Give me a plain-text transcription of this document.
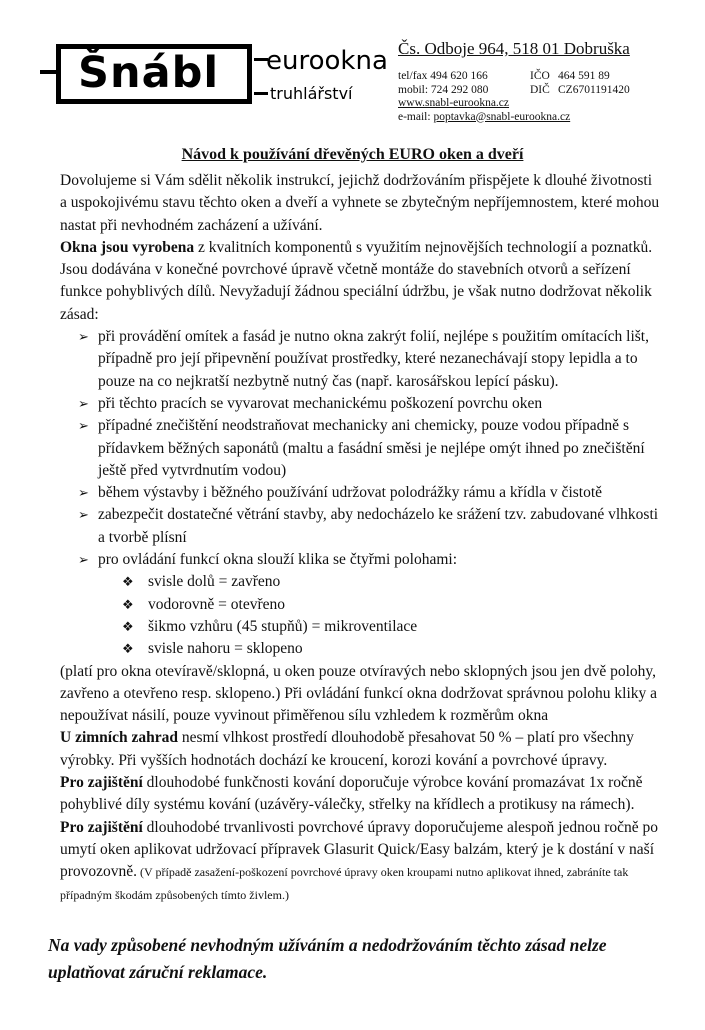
Šnábl eurookna
truhlářství
Čs. Odboje 964, 518 01 Dobruška
tel/fax 494 620 166	IČO 464 591 89
mobil: 724 292 080	DIČ CZ6701191420
www.snabl-eurookna.cz
e-mail: poptavka@snabl-eurookna.cz
Návod k používání dřevěných EURO oken a dveří

Dovolujeme si Vám sdělit několik instrukcí, jejichž dodržováním přispějete k dlouhé životnosti a uspokojivému stavu těchto oken a dveří a vyhnete se zbytečným nepříjemnostem, které mohou nastat při nevhodném zacházení a užívání.

Okna jsou vyrobena z kvalitních komponentů s využitím nejnovějších technologií a poznatků. Jsou dodávána v konečné povrchové úpravě včetně montáže do stavebních otvorů a seřízení funkce pohyblivých dílů. Nevyžadují žádnou speciální údržbu, je však nutno dodržovat několik zásad:

➢ při provádění omítek a fasád je nutno okna zakrýt folií, nejlépe s použitím omítacích lišt, případně pro její připevnění používat prostředky, které nezanechávají stopy lepidla a to pouze na co nejkratší nezbytně nutný čas (např. karosářskou lepící pásku).
➢ při těchto pracích se vyvarovat mechanickému poškození povrchu oken
➢ případné znečištění neodstraňovat mechanicky ani chemicky, pouze vodou případně s přídavkem běžných saponátů (maltu a fasádní směsi je nejlépe omýt ihned po znečištění ještě před vytvrdnutím vodou)
➢ během výstavby i běžného používání udržovat polodrážky rámu a křídla v čistotě
➢ zabezpečit dostatečné větrání stavby, aby nedocházelo ke srážení tzv. zabudované vlhkosti a tvorbě plísní
➢ pro ovládání funkcí okna slouží klika se čtyřmi polohami:
❖ svisle dolů = zavřeno
❖ vodorovně = otevřeno
❖ šikmo vzhůru (45 stupňů) = mikroventilace
❖ svisle nahoru = sklopeno

(platí pro okna otevíravě/sklopná, u oken pouze otvíravých nebo sklopných jsou jen dvě polohy, zavřeno a otevřeno resp. sklopeno.) Při ovládání funkcí okna dodržovat správnou polohu kliky a nepoužívat násilí, pouze vyvinout přiměřenou sílu vzhledem k rozměrům okna

U zimních zahrad nesmí vlhkost prostředí dlouhodobě přesahovat 50 % – platí pro všechny výrobky. Při vyšších hodnotách dochází ke kroucení, korozi kování a povrchové úpravy.

Pro zajištění dlouhodobé funkčnosti kování doporučuje výrobce kování promazávat 1x ročně pohyblivé díly systému kování (uzávěry-válečky, střelky na křídlech a protikusy na rámech).

Pro zajištění dlouhodobé trvanlivosti povrchové úpravy doporučujeme alespoň jednou ročně po umytí oken aplikovat udržovací přípravek Glasurit Quick/Easy balzám, který je k dostání v naší provozovně. (V případě zasažení-poškození povrchové úpravy oken kroupami nutno aplikovat ihned, zabráníte tak případným škodám způsobených tímto živlem.)

Na vady způsobené nevhodným užíváním a nedodržováním těchto zásad nelze uplatňovat záruční reklamace.
